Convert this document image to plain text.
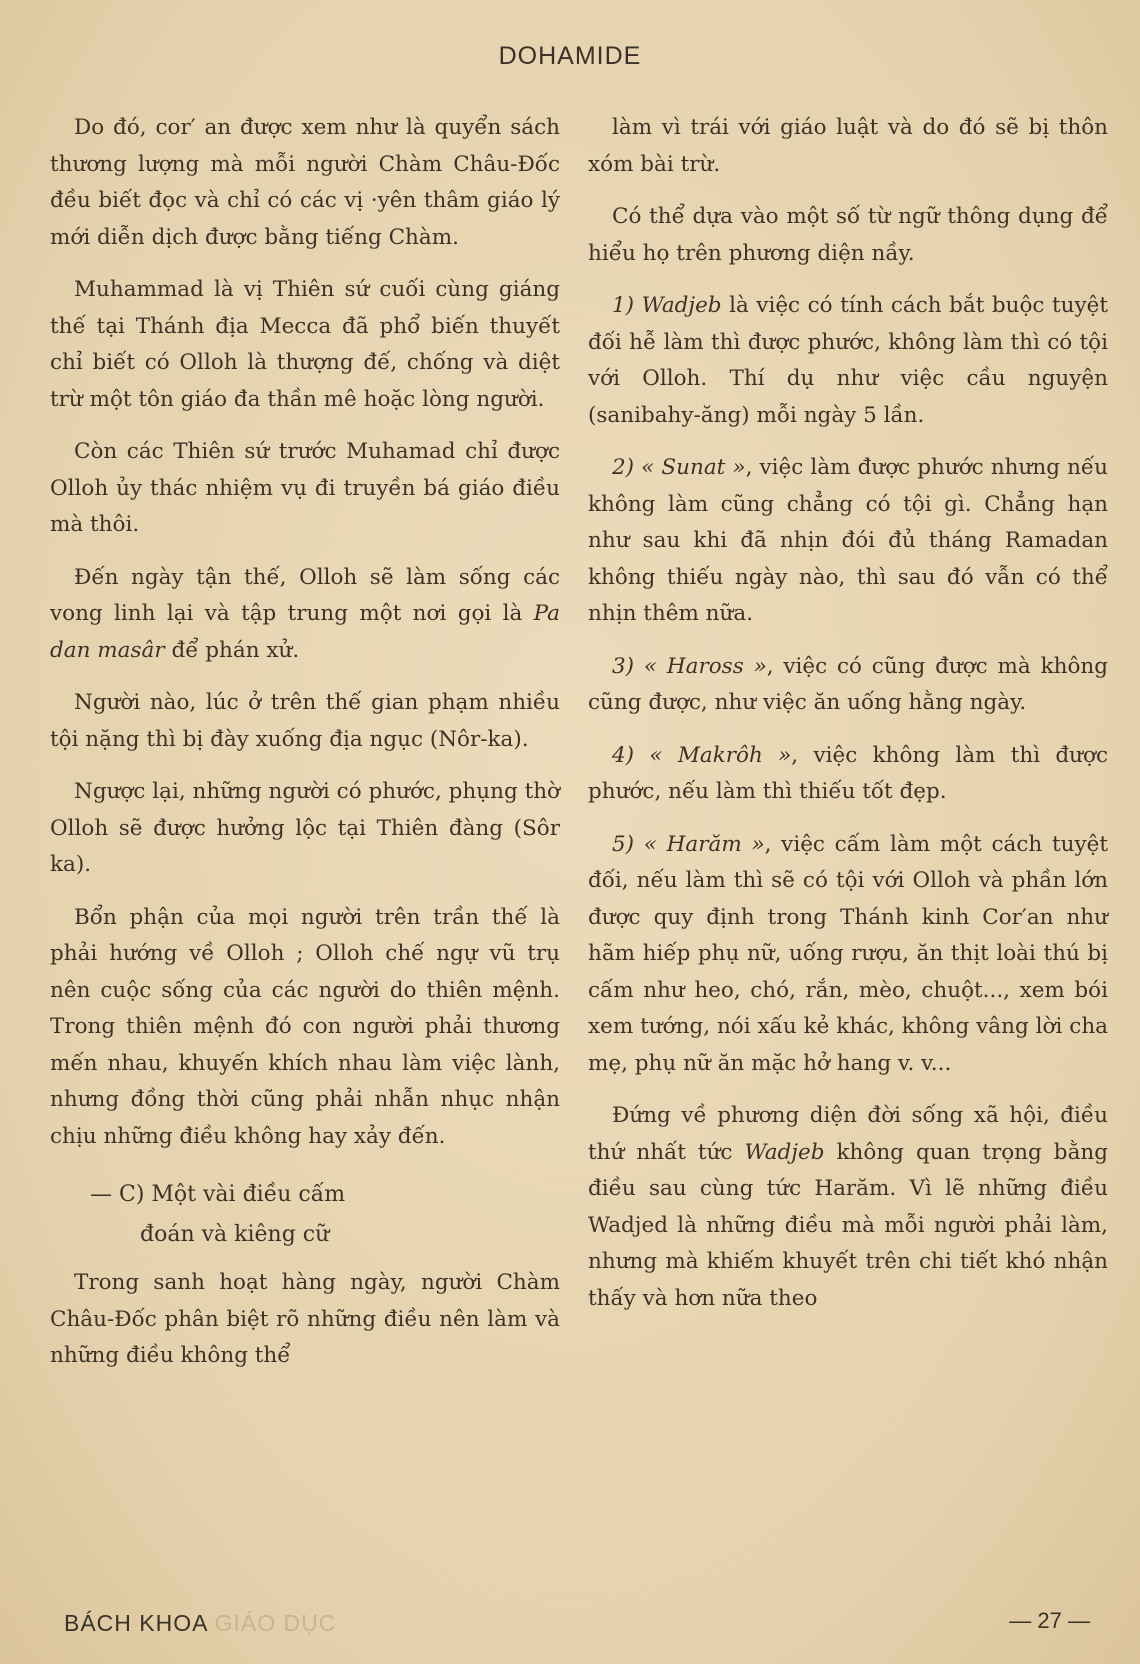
DOHAMIDE

Do đó, cor′ an được xem như là quyển sách thương lượng mà mỗi người Chàm Châu-Đốc đều biết đọc và chỉ có các vị ·yên thâm giáo lý mới diễn dịch được bằng tiếng Chàm.

Muhammad là vị Thiên sứ cuối cùng giáng thế tại Thánh địa Mecca đã phổ biến thuyết chỉ biết có Olloh là thượng đế, chống và diệt trừ một tôn giáo đa thần mê hoặc lòng người.

Còn các Thiên sứ trước Muhamad chỉ được Olloh ủy thác nhiệm vụ đi truyền bá giáo điều mà thôi.

Đến ngày tận thế, Olloh sẽ làm sống các vong linh lại và tập trung một nơi gọi là Pa dan masâr để phán xử.

Người nào, lúc ở trên thế gian phạm nhiều tội nặng thì bị đày xuống địa ngục (Nôr-ka).

Ngược lại, những người có phước, phụng thờ Olloh sẽ được hưởng lộc tại Thiên đàng (Sôr ka).

Bổn phận của mọi người trên trần thế là phải hướng về Olloh ; Olloh chế ngự vũ trụ nên cuộc sống của các người do thiên mệnh. Trong thiên mệnh đó con người phải thương mến nhau, khuyến khích nhau làm việc lành, nhưng đồng thời cũng phải nhẫn nhục nhận chịu những điều không hay xảy đến.

— C) Một vài điều cấm
đoán và kiêng cữ

Trong sanh hoạt hàng ngày, người Chàm Châu-Đốc phân biệt rõ những điều nên làm và những điều không thể

làm vì trái với giáo luật và do đó sẽ bị thôn xóm bài trừ.

Có thể dựa vào một số từ ngữ thông dụng để hiểu họ trên phương diện nầy.

1) Wadjeb là việc có tính cách bắt buộc tuyệt đối hễ làm thì được phước, không làm thì có tội với Olloh. Thí dụ như việc cầu nguyện (sanibahy-ăng) mỗi ngày 5 lần.

2) « Sunat », việc làm được phước nhưng nếu không làm cũng chẳng có tội gì. Chẳng hạn như sau khi đã nhịn đói đủ tháng Ramadan không thiếu ngày nào, thì sau đó vẫn có thể nhịn thêm nữa.

3) « Haross », việc có cũng được mà không cũng được, như việc ăn uống hằng ngày.

4) « Makrôh », việc không làm thì được phước, nếu làm thì thiếu tốt đẹp.

5) « Harăm », việc cấm làm một cách tuyệt đối, nếu làm thì sẽ có tội với Olloh và phần lớn được quy định trong Thánh kinh Cor′an như hãm hiếp phụ nữ, uống rượu, ăn thịt loài thú bị cấm như heo, chó, rắn, mèo, chuột..., xem bói xem tướng, nói xấu kẻ khác, không vâng lời cha mẹ, phụ nữ ăn mặc hở hang v. v...

Đứng về phương diện đời sống xã hội, điều thứ nhất tức Wadjeb không quan trọng bằng điều sau cùng tức Harăm. Vì lẽ những điều Wadjed là những điều mà mỗi người phải làm, nhưng mà khiếm khuyết trên chi tiết khó nhận thấy và hơn nữa theo

BÁCH KHOA GIÁO DỤC	— 27 —
